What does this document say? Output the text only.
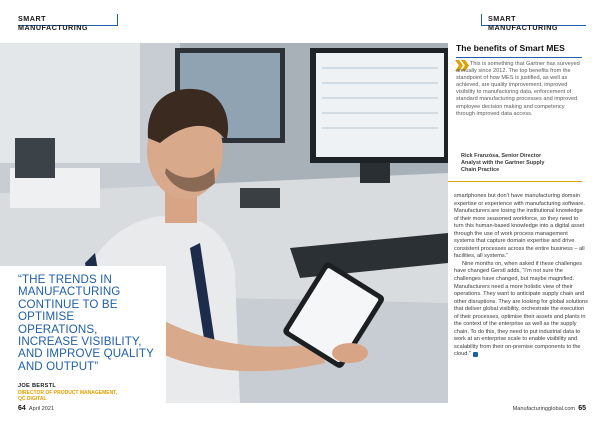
SMART MANUFACTURING
SMART MANUFACTURING
“THE TRENDS IN MANUFACTURING CONTINUE TO BE OPTIMISE OPERATIONS, INCREASE VISIBILITY, AND IMPROVE QUALITY AND OUTPUT”
JOE BERSTL
DIRECTOR OF PRODUCT MANAGEMENT,
QC DIGITAL
The benefits of Smart MES
This is something that Gartner has surveyed annually since 2012. The top benefits from the standpoint of how MES is justified, as well as achieved, are quality improvement, improved visibility to manufacturing data, enforcement of standard manufacturing processes and improved employee decision making and competency through improved data access.
Rick Franzósa, Senior Director
Analyst with the Gartner Supply
Chain Practice

smartphones but don’t have manufacturing domain expertise or experience with manufacturing software. Manufacturers are losing the institutional knowledge of their more seasoned workforce, so they need to turn this human-based knowledge into a digital asset through the use of work process management systems that capture domain expertise and drive consistent processes across the entire business – all facilities, all systems.”

Nine months on, when asked if these challenges have changed Gerstl adds, “I’m not sure the challenges have changed, but maybe magnified. Manufacturers need a more holistic view of their operations. They want to anticipate supply chain and other disruptions. They are looking for global solutions that deliver global visibility, orchestrate the execution of their processes, optimise their assets and plants in the context of the enterprise as well as the supply chain. To do this, they need to put industrial data to work at an enterprise scale to enable visibility and scalability from their on-premise components to the cloud.”

64 April 2021	Manufacturingglobal.com 65
